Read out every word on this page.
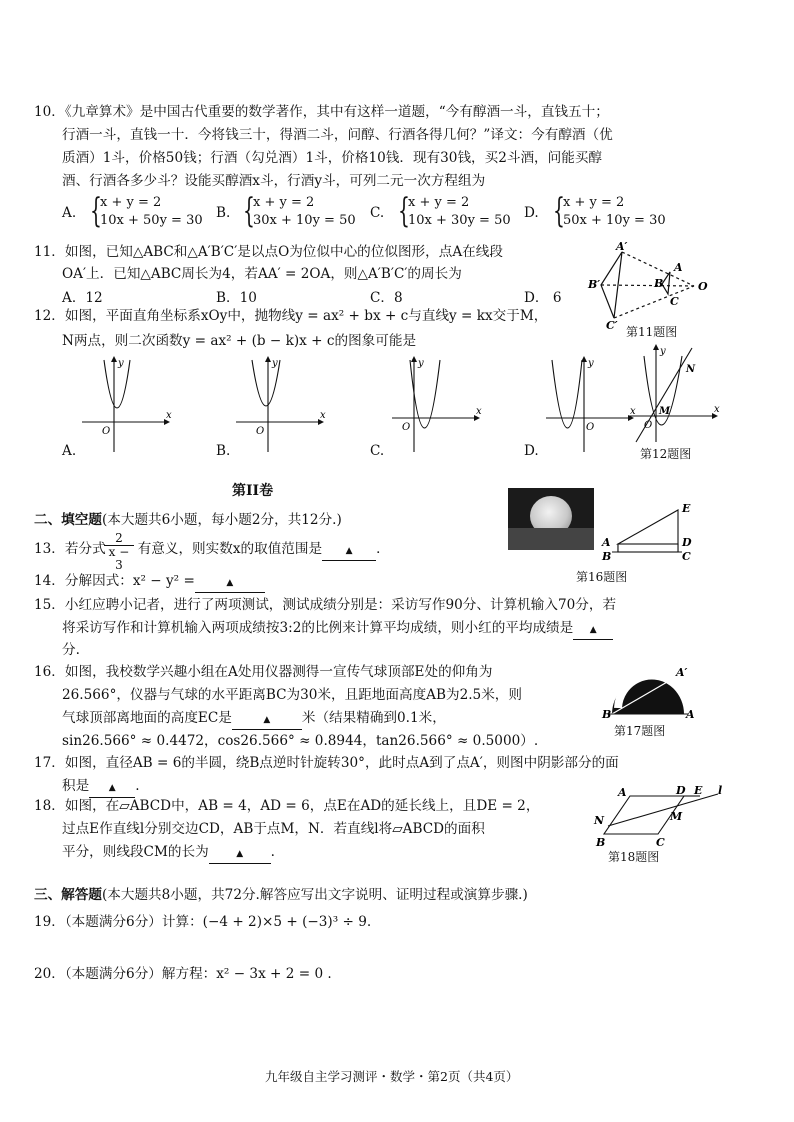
10．《九章算术》是中国古代重要的数学著作，其中有这样一道题，“今有醇酒一斗，直钱五十；
行酒一斗，直钱一十．今将钱三十，得酒二斗，问醇、行酒各得几何？”译文：今有醇酒（优
质酒）1斗，价格50钱；行酒（勾兑酒）1斗，价格10钱．现有30钱，买2斗酒，问能买醇
酒、行酒各多少斗？设能买醇酒x斗，行酒y斗，可列二元一次方程组为
A. {
x + y = 2
10x + 50y = 30 B. {
x + y = 2
30x + 10y = 50 C. {
x + y = 2
10x + 30y = 50 D. {
x + y = 2
50x + 10y = 30
11．如图，已知△ABC和△A′B′C′是以点O为位似中心的位似图形，点A在线段
OA′上．已知△ABC周长为4，若AA′ = 2OA，则△A′B′C′的周长为
A．12	B．10	C．8	D． 6
A′
B′
C′
A
B
C
O
第11题图
12．如图，平面直角坐标系xOy中，抛物线y = ax² + bx + c与直线y = kx交于M，
N两点，则二次函数y = ax² + (b − k)x + c的图象可能是
x
y
O
A.
x
y
O
B.
x
y
O
C.
x
y
O
D.
x
y
O
N
M
第12题图
第II卷
二、填空题(本大题共6小题，每小题2分，共12分.)
E
A
B
D
C
第16题图
13．若分式 有意义，则实数x的取值范围是	▲ ．
$\frac{2}{x - 3}$
14．分解因式：x² − y² =	▲
15．小红应聘小记者，进行了两项测试，测试成绩分别是：采访写作90分、计算机输入70分，若
将采访写作和计算机输入两项成绩按3:2的比例来计算平均成绩，则小红的平均成绩是 ▲
分.
16．如图，我校数学兴趣小组在A处用仪器测得一宣传气球顶部E处的仰角为
26.566°，仪器与气球的水平距离BC为30米，且距地面高度AB为2.5米，则
气球顶部离地面的高度EC是	▲ 米（结果精确到0.1米，
sin26.566° ≈ 0.4472，cos26.566° ≈ 0.8944，tan26.566° ≈ 0.5000）.
A′
B	A
第17题图
17．如图，直径AB = 6的半圆，绕B点逆时针旋转30°，此时点A到了点A′，则图中阴影部分的面
积是 ▲ .
18．如图，在▱ABCD中，AB = 4，AD = 6，点E在AD的延长线上，且DE = 2，
过点E作直线l分别交边CD，AB于点M，N．若直线l将▱ABCD的面积
平分，则线段CM的长为	▲ .
A	D E l
N	M
B	C
第18题图
三、解答题(本大题共8小题，共72分.解答应写出文字说明、证明过程或演算步骤.)
19．（本题满分6分）计算：(−4 + 2)×5 + (−3)³ ÷ 9.
20．（本题满分6分）解方程：x² − 3x + 2 = 0 .
九年级自主学习测评・数学・第2页（共4页）
